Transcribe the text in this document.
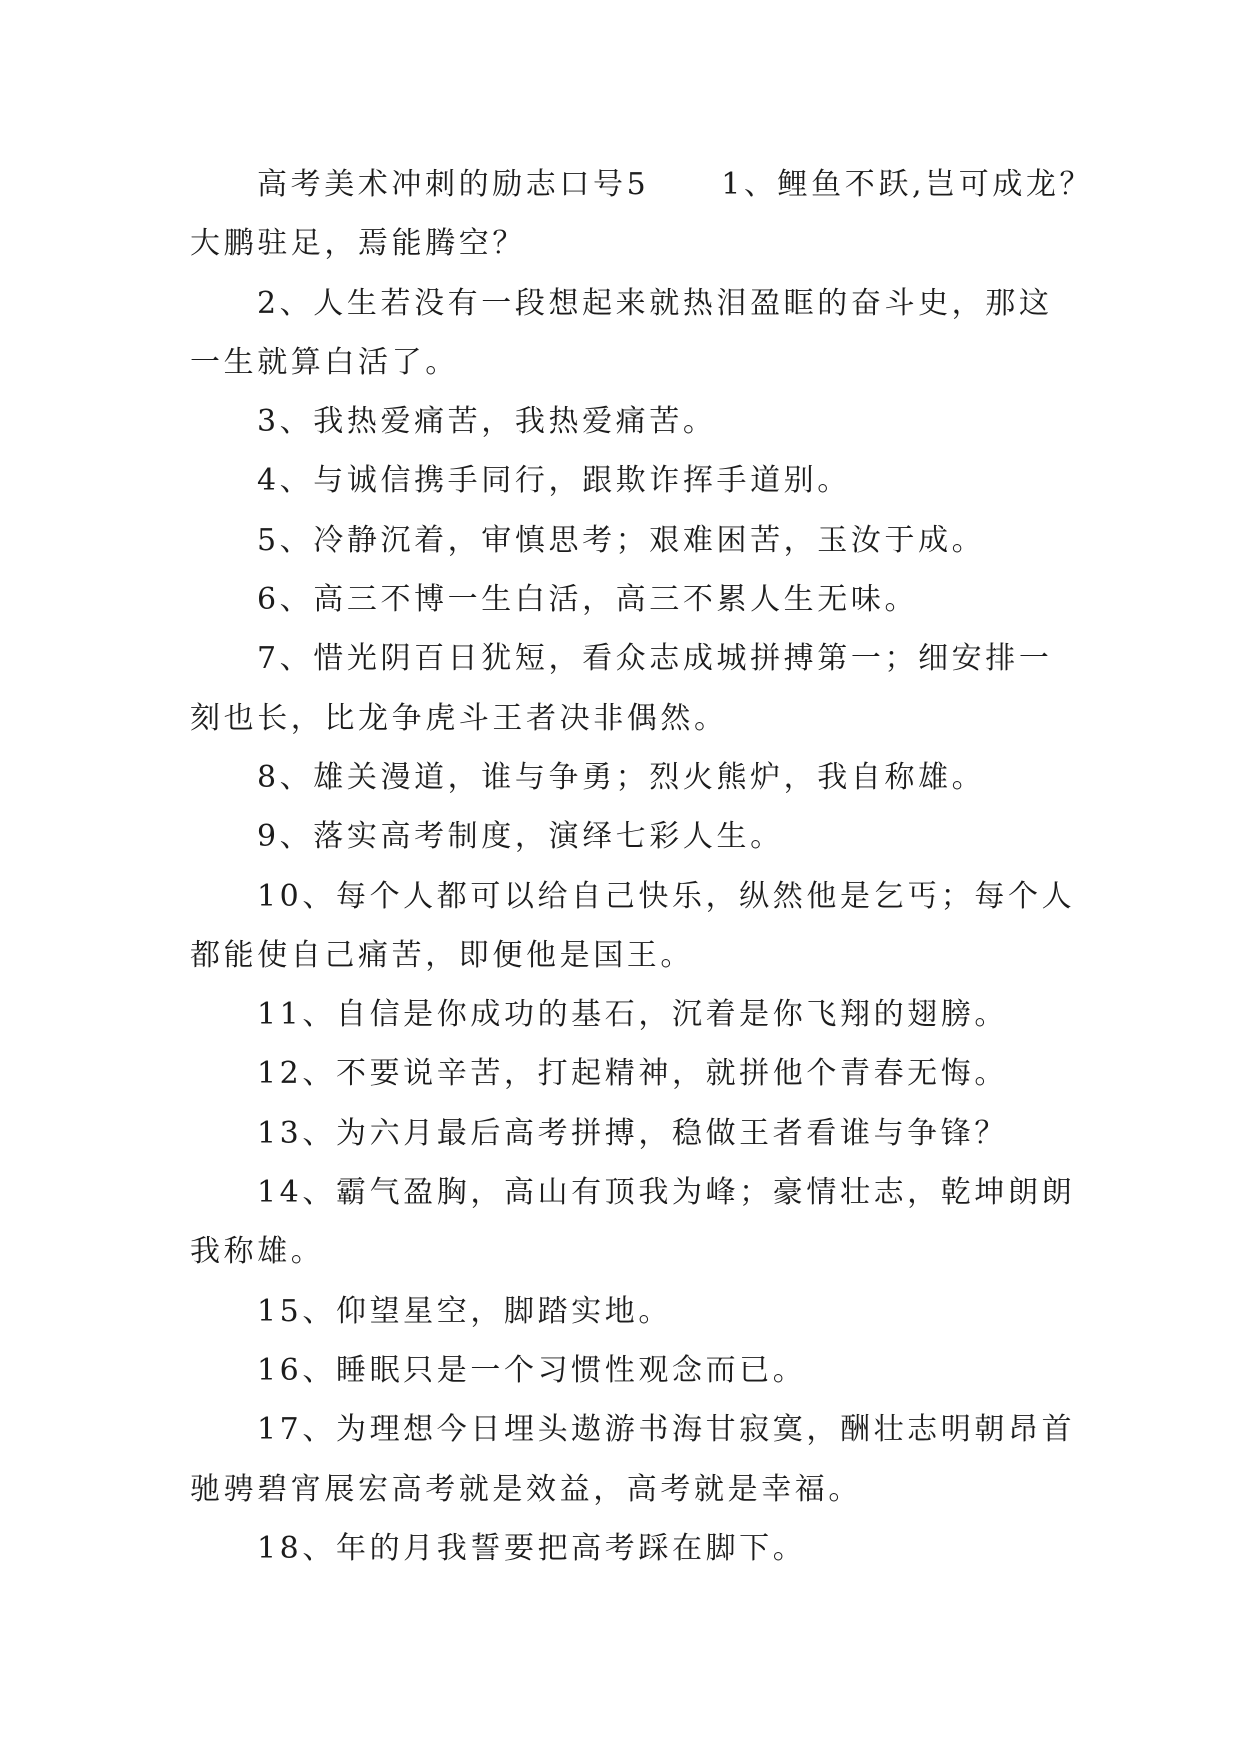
高考美术冲刺的励志口号5 1、鲤鱼不跃,岂可成龙？
大鹏驻足，焉能腾空？
2、人生若没有一段想起来就热泪盈眶的奋斗史，那这
一生就算白活了。
3、我热爱痛苦，我热爱痛苦。
4、与诚信携手同行，跟欺诈挥手道别。
5、冷静沉着，审慎思考；艰难困苦，玉汝于成。
6、高三不博一生白活，高三不累人生无味。
7、惜光阴百日犹短，看众志成城拼搏第一；细安排一
刻也长，比龙争虎斗王者决非偶然。
8、雄关漫道，谁与争勇；烈火熊炉，我自称雄。
9、落实高考制度，演绎七彩人生。
10、每个人都可以给自己快乐，纵然他是乞丐；每个人
都能使自己痛苦，即便他是国王。
11、自信是你成功的基石，沉着是你飞翔的翅膀。
12、不要说辛苦，打起精神，就拼他个青春无悔。
13、为六月最后高考拼搏，稳做王者看谁与争锋？
14、霸气盈胸，高山有顶我为峰；豪情壮志，乾坤朗朗
我称雄。
15、仰望星空，脚踏实地。
16、睡眠只是一个习惯性观念而已。
17、为理想今日埋头遨游书海甘寂寞，酬壮志明朝昂首
驰骋碧宵展宏高考就是效益，高考就是幸福。
18、年的月我誓要把高考踩在脚下。
